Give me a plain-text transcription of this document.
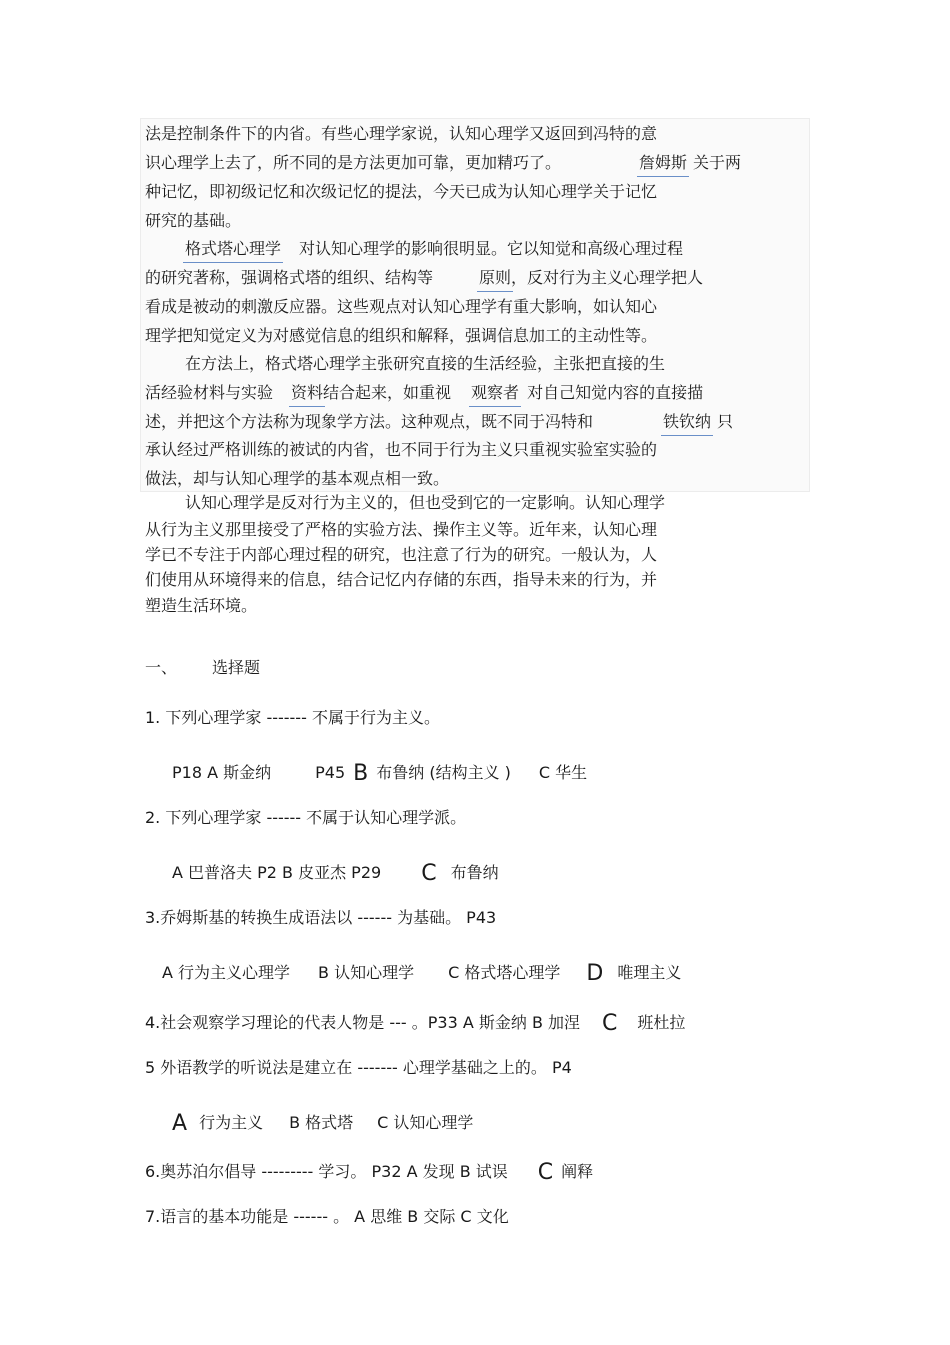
法是控制条件下的内省。有些心理学家说，认知心理学又返回到冯特的意
识心理学上去了，所不同的是方法更加可靠，更加精巧了。	詹姆斯 关于两
种记忆，即初级记忆和次级记忆的提法，今天已成为认知心理学关于记忆
研究的基础。
格式塔心理学 对认知心理学的影响很明显。它以知觉和高级心理过程
的研究著称，强调格式塔的组织、结构等	原则，反对行为主义心理学把人
看成是被动的刺激反应器。这些观点对认知心理学有重大影响，如认知心
理学把知觉定义为对感觉信息的组织和解释，强调信息加工的主动性等。
在方法上，格式塔心理学主张研究直接的生活经验，主张把直接的生
活经验材料与实验 资料结合起来，如重视 观察者 对自己知觉内容的直接描
述，并把这个方法称为现象学方法。这种观点，既不同于冯特和	铁钦纳 只
承认经过严格训练的被试的内省，也不同于行为主义只重视实验室实验的
做法，却与认知心理学的基本观点相一致。
认知心理学是反对行为主义的，但也受到它的一定影响。认知心理学
从行为主义那里接受了严格的实验方法、操作主义等。近年来，认知心理
学已不专注于内部心理过程的研究，也注意了行为的研究。一般认为，人
们使用从环境得来的信息，结合记忆内存储的东西，指导未来的行为，并
塑造生活环境。
一、 选择题
1. 下列心理学家 ------- 不属于行为主义。
P18 A 斯金纳	P45 B 布鲁纳 (结构主义 ) C 华生
2. 下列心理学家 ------ 不属于认知心理学派。
A 巴普洛夫 P2 B 皮亚杰 P29 C 布鲁纳
3.乔姆斯基的转换生成语法以 ------ 为基础。 P43
A 行为主义心理学 B 认知心理学 C 格式塔心理学 D 唯理主义
4.社会观察学习理论的代表人物是 --- 。P33 A 斯金纳 B 加涅 C 班杜拉
5 外语教学的听说法是建立在 ------- 心理学基础之上的。 P4
A 行为主义 B 格式塔 C 认知心理学
6.奥苏泊尔倡导 --------- 学习。 P32 A 发现 B 试误 C 阐释
7.语言的基本功能是 ------ 。 A 思维 B 交际 C 文化
